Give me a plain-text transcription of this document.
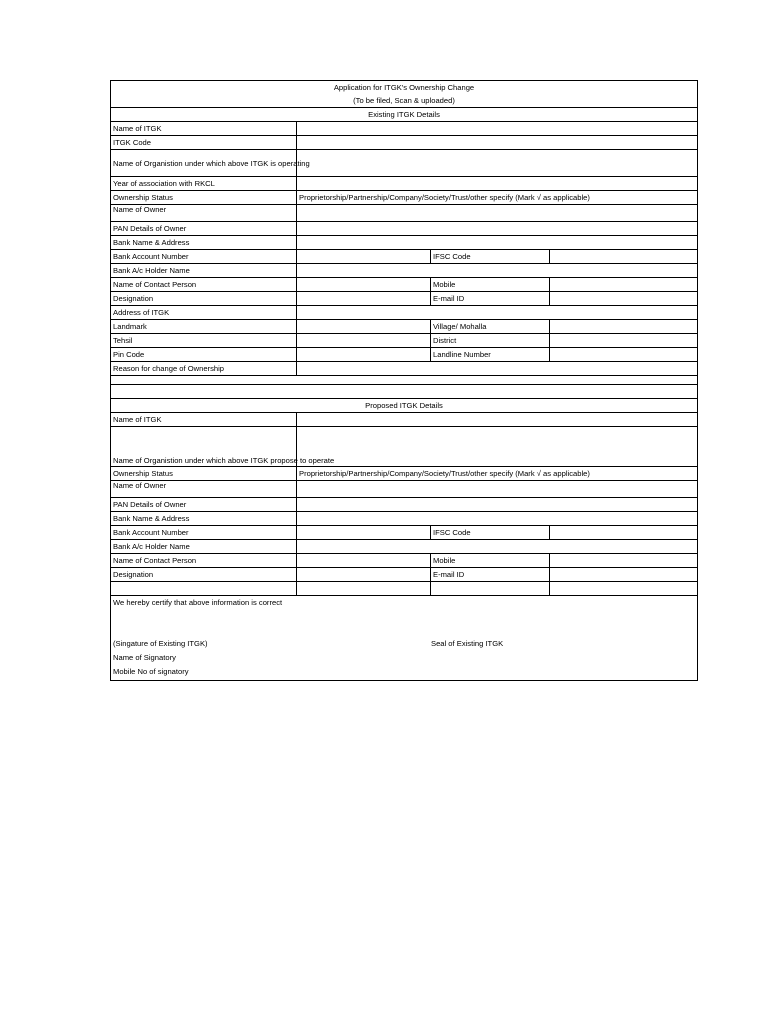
Application for ITGK's Ownership Change			
(To be filed, Scan & uploaded)			
Existing ITGK Details			
Name of ITGK			
ITGK Code			
Name of Organistion under which above ITGK is operating			
Year of association with RKCL			
Ownership Status	Proprietorship/Partnership/Company/Society/Trust/other specify (Mark √ as applicable)		
Name of Owner			
PAN Details of Owner			
Bank Name & Address			
Bank Account Number		IFSC Code	
Bank A/c Holder Name			
Name of Contact Person		Mobile	
Designation		E-mail ID	
Address of ITGK			
Landmark		Village/ Mohalla	
Tehsil		District	
Pin Code		Landline Number	
Reason for change of Ownership			

Proposed ITGK Details			
Name of ITGK			
Name of Organistion under which above ITGK propose to operate			
Ownership Status	Proprietorship/Partnership/Company/Society/Trust/other specify (Mark √ as applicable)		
Name of Owner			
PAN Details of Owner			
Bank Name & Address			
Bank Account Number		IFSC Code	
Bank A/c Holder Name			
Name of Contact Person		Mobile	
Designation		E-mail ID	

We hereby certify that above information is correct
(Singature of Existing ITGK) Seal of Existing ITGK
Name of Signatory
Mobile No of signatory			
